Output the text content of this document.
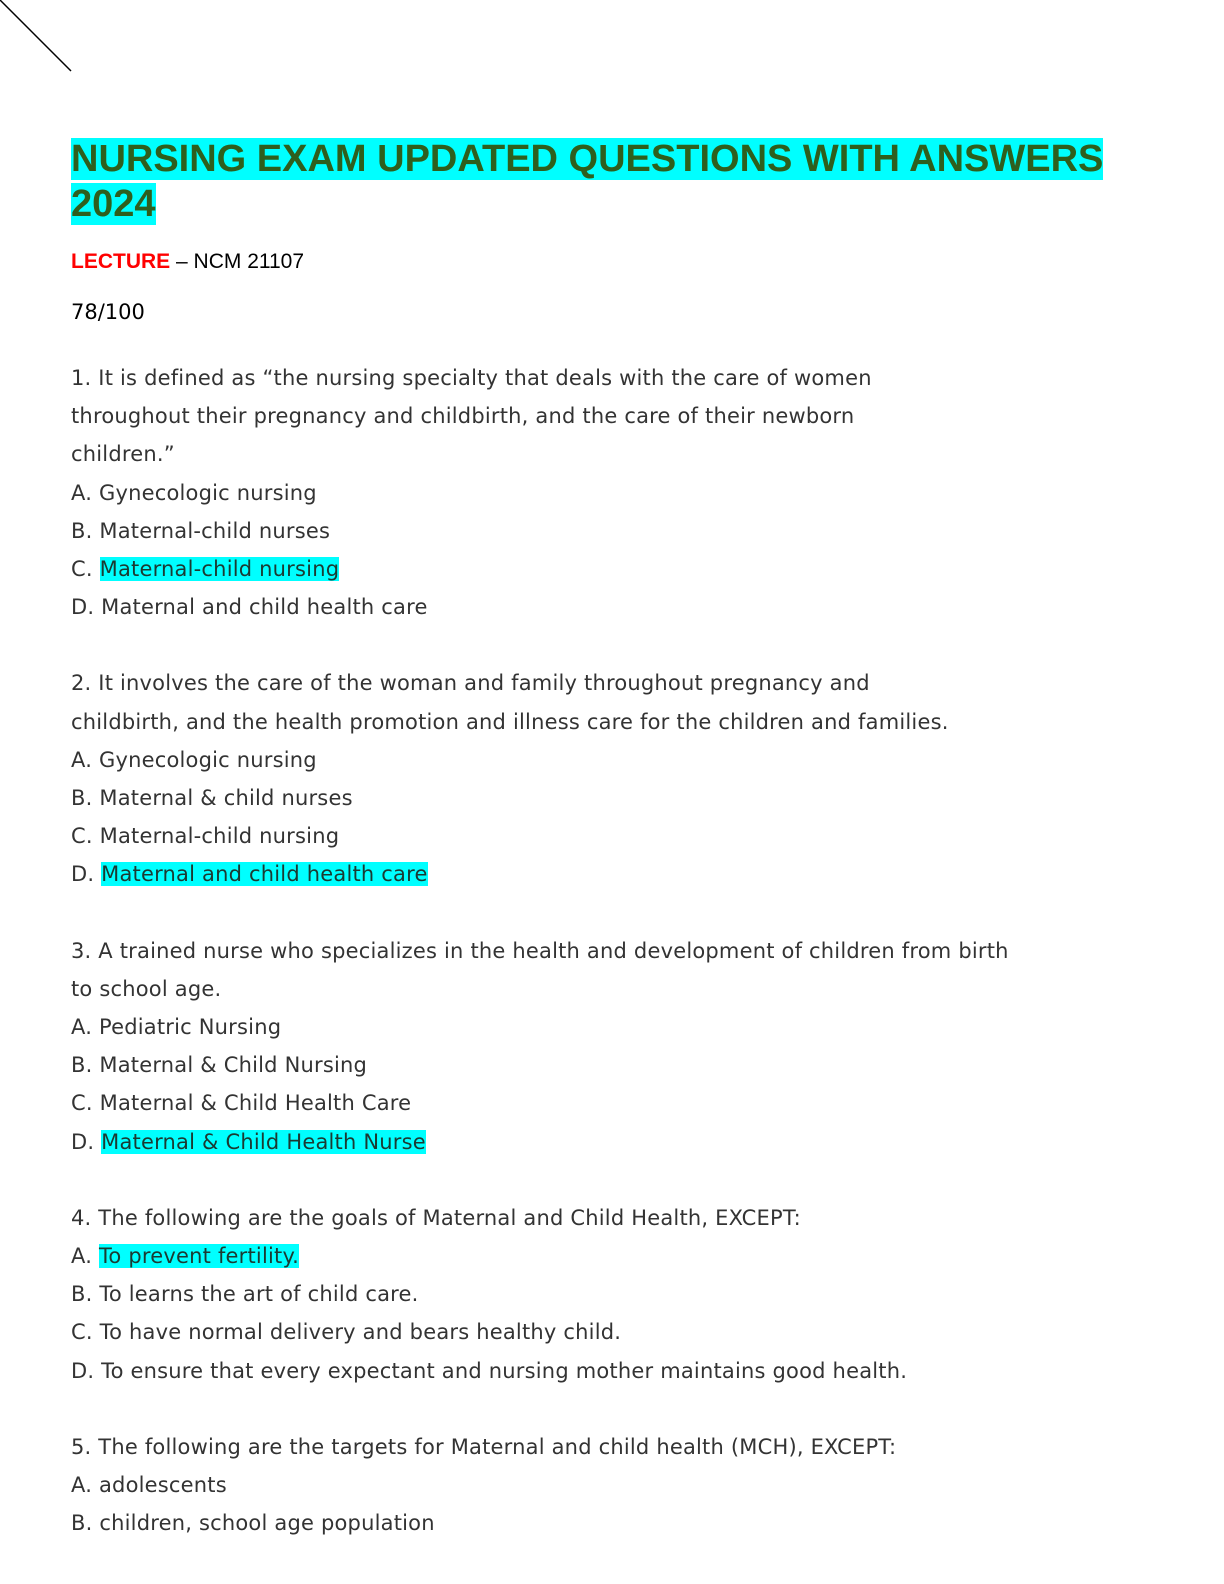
NURSING EXAM UPDATED QUESTIONS WITH ANSWERS 2024

LECTURE – NCM 21107

78/100

1. It is defined as “the nursing specialty that deals with the care of women

throughout their pregnancy and childbirth, and the care of their newborn

children.”

A. Gynecologic nursing

B. Maternal-child nurses

C. Maternal-child nursing

D. Maternal and child health care

2. It involves the care of the woman and family throughout pregnancy and

childbirth, and the health promotion and illness care for the children and families.

A. Gynecologic nursing

B. Maternal & child nurses

C. Maternal-child nursing

D. Maternal and child health care

3. A trained nurse who specializes in the health and development of children from birth

to school age.

A. Pediatric Nursing

B. Maternal & Child Nursing

C. Maternal & Child Health Care

D. Maternal & Child Health Nurse

4. The following are the goals of Maternal and Child Health, EXCEPT:

A. To prevent fertility.

B. To learns the art of child care.

C. To have normal delivery and bears healthy child.

D. To ensure that every expectant and nursing mother maintains good health.

5. The following are the targets for Maternal and child health (MCH), EXCEPT:

A. adolescents

B. children, school age population
